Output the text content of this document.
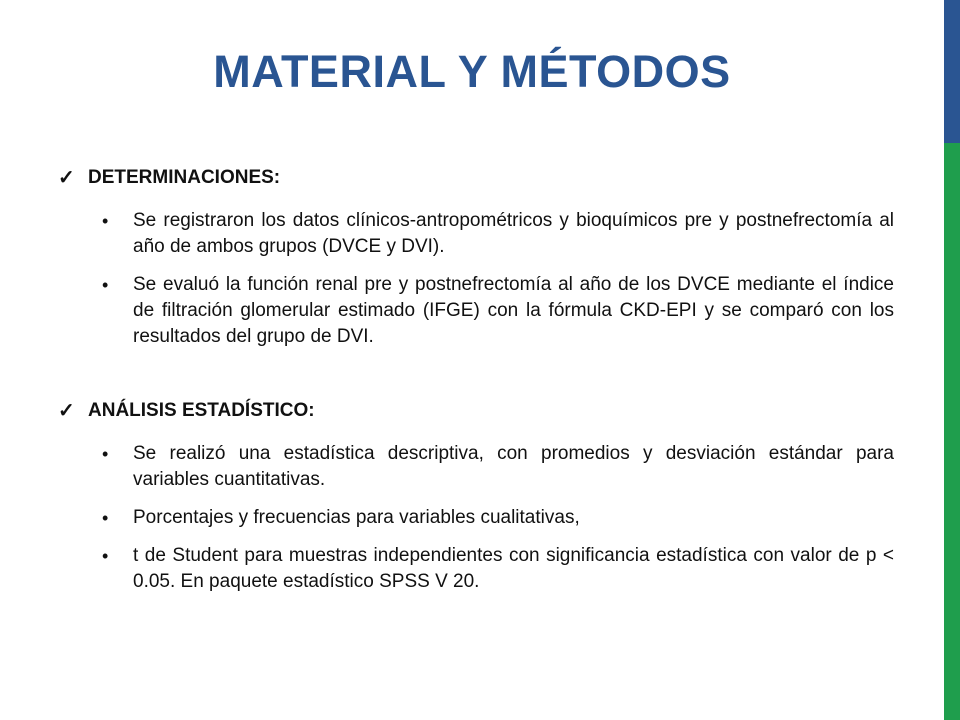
MATERIAL Y MÉTODOS
✓ DETERMINACIONES:
• Se registraron los datos clínicos-antropométricos y bioquímicos pre y postnefrectomía al año de ambos grupos (DVCE y DVI).
• Se evaluó la función renal pre y postnefrectomía al año de los DVCE mediante el índice de filtración glomerular estimado (IFGE) con la fórmula CKD-EPI y se comparó con los resultados del grupo de DVI.
✓ ANÁLISIS ESTADÍSTICO:
• Se realizó una estadística descriptiva, con promedios y desviación estándar para variables cuantitativas.
• Porcentajes y frecuencias para variables cualitativas,
• t de Student para muestras independientes con significancia estadística con valor de p < 0.05. En paquete estadístico SPSS V 20.
